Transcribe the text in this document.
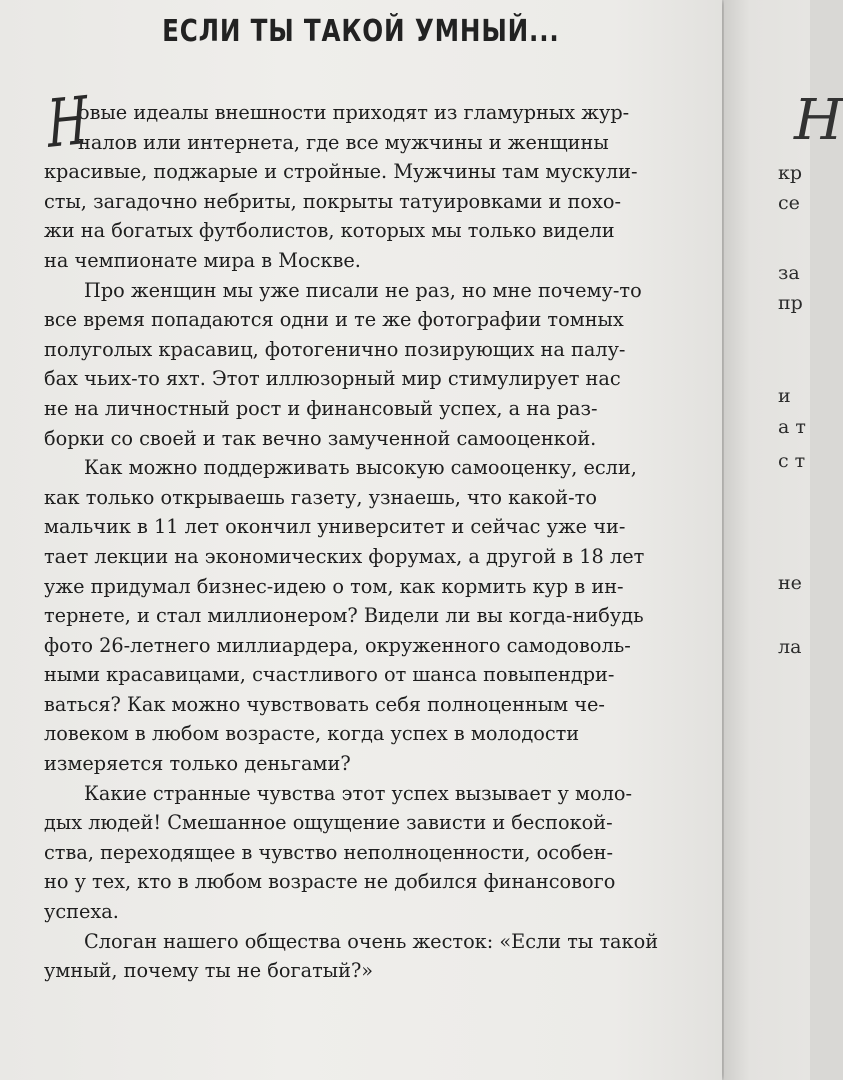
ЕСЛИ ТЫ ТАКОЙ УМНЫЙ...
Н
овые идеалы внешности приходят из гламурных жур-
налов или интернета, где все мужчины и женщины
красивые, поджарые и стройные. Мужчины там мускули-
сты, загадочно небриты, покрыты татуировками и похо-
жи на богатых футболистов, которых мы только видели
на чемпионате мира в Москве.
Про женщин мы уже писали не раз, но мне почему-то
все время попадаются одни и те же фотографии томных
полуголых красавиц, фотогенично позирующих на палу-
бах чьих-то яхт. Этот иллюзорный мир стимулирует нас
не на личностный рост и финансовый успех, а на раз-
борки со своей и так вечно замученной самооценкой.
Как можно поддерживать высокую самооценку, если,
как только открываешь газету, узнаешь, что какой-то
мальчик в 11 лет окончил университет и сейчас уже чи-
тает лекции на экономических форумах, а другой в 18 лет
уже придумал бизнес-идею о том, как кормить кур в ин-
тернете, и стал миллионером? Видели ли вы когда-нибудь
фото 26-летнего миллиардера, окруженного самодоволь-
ными красавицами, счастливого от шанса повыпендри-
ваться? Как можно чувствовать себя полноценным че-
ловеком в любом возрасте, когда успех в молодости
измеряется только деньгами?
Какие странные чувства этот успех вызывает у моло-
дых людей! Смешанное ощущение зависти и беспокой-
ства, переходящее в чувство неполноценности, особен-
но у тех, кто в любом возрасте не добился финансового
успеха.
Слоган нашего общества очень жесток: «Если ты такой
умный, почему ты не богатый?»
Н
кр
се
за
пр
и
а т
с т
не
ла
